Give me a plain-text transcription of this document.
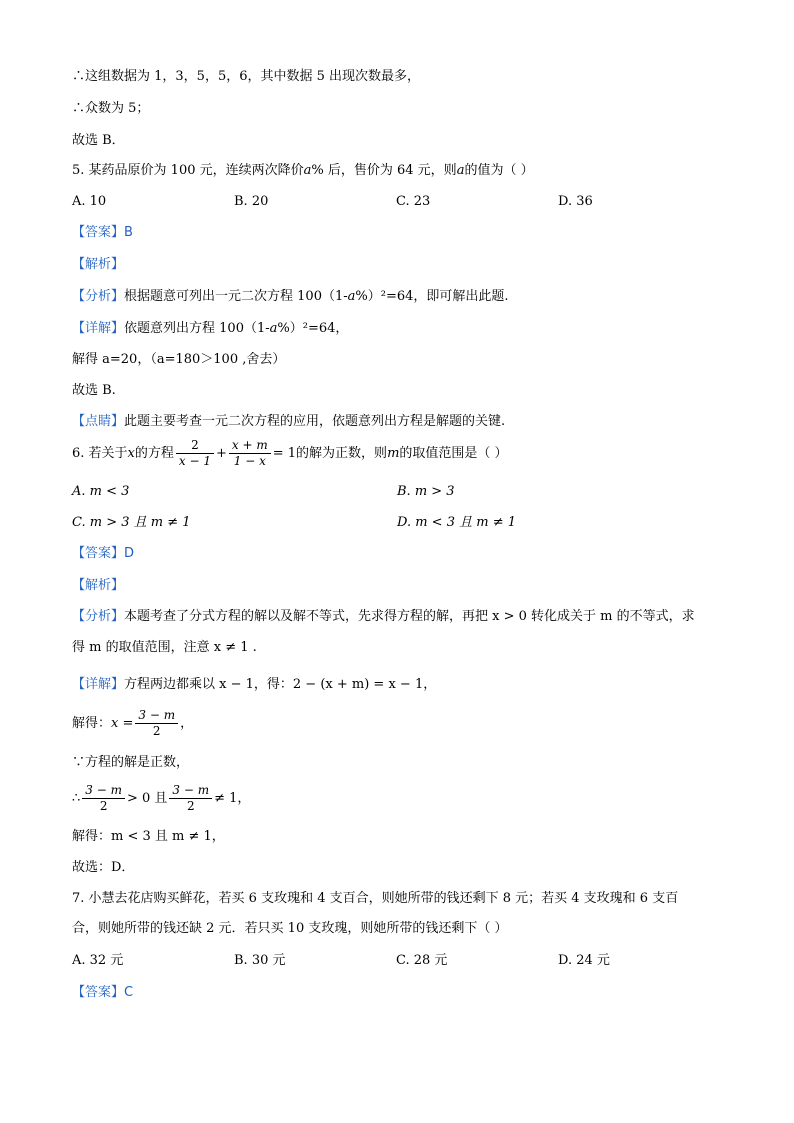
∴这组数据为 1，3，5，5，6，其中数据 5 出现次数最多，
∴众数为 5；
故选 B．
5. 某药品原价为 100 元，连续两次降价a% 后，售价为 64 元，则a的值为（ ）
A. 10	B. 20	C. 23	D. 36
【答案】B
【解析】
【分析】根据题意可列出一元二次方程 100（1-a%）²=64，即可解出此题.
【详解】依题意列出方程 100（1-a%）²=64，
解得 a=20，（a=180＞100 ,舍去）
故选 B.
【点睛】此题主要考查一元二次方程的应用，依题意列出方程是解题的关键.
6. 若关于x的方程 $\frac{2}{x - 1} + \frac{x + m}{1 - x} = 1$的解为正数，则m的取值范围是（ ）
A. m < 3	B. m > 3
C. m > 3 且 m ≠ 1	D. m < 3 且 m ≠ 1
【答案】D
【解析】
【分析】本题考查了分式方程的解以及解不等式，先求得方程的解，再把 x > 0 转化成关于 m 的不等式，求
得 m 的取值范围，注意 x ≠ 1 .
【详解】方程两边都乘以 x − 1，得：2 − (x + m) = x − 1，
解得：$x = \frac{3 - m}{2}$ ，
∵方程的解是正数，
∴ $\frac{3 - m}{2} > 0$ 且 $\frac{3 - m}{2} \ne 1$，
解得：m < 3 且 m ≠ 1，
故选：D．
7. 小慧去花店购买鲜花，若买 6 支玫瑰和 4 支百合，则她所带的钱还剩下 8 元；若买 4 支玫瑰和 6 支百
合，则她所带的钱还缺 2 元．若只买 10 支玫瑰，则她所带的钱还剩下（ ）
A. 32 元	B. 30 元	C. 28 元	D. 24 元
【答案】C
